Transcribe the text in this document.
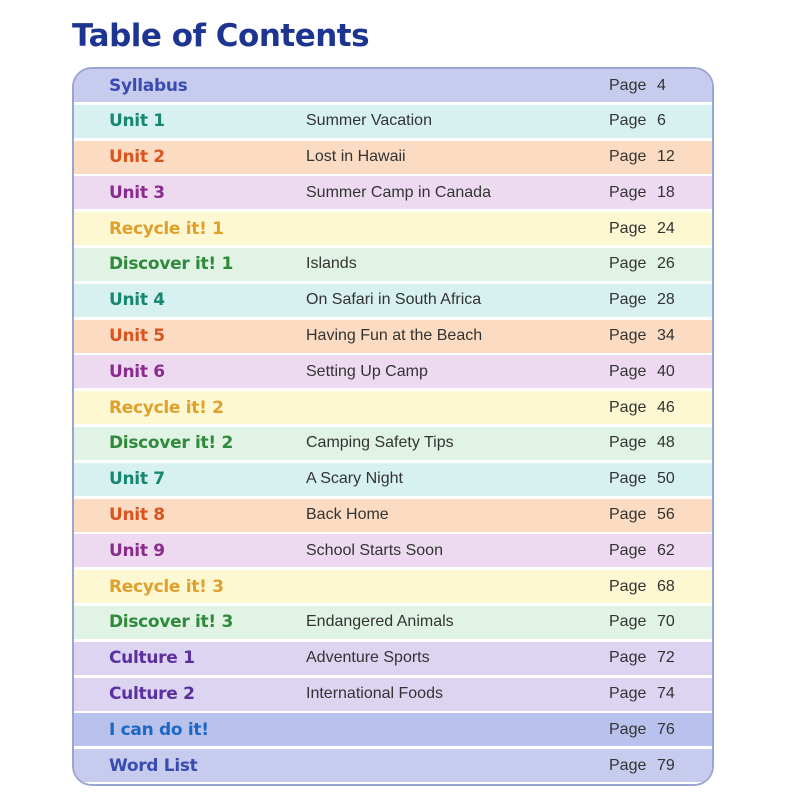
Table of Contents
Syllabus	Page 4
Unit 1	Summer Vacation	Page 6
Unit 2	Lost in Hawaii	Page 12
Unit 3	Summer Camp in Canada	Page 18
Recycle it! 1	Page 24
Discover it! 1	Islands	Page 26
Unit 4	On Safari in South Africa	Page 28
Unit 5	Having Fun at the Beach	Page 34
Unit 6	Setting Up Camp	Page 40
Recycle it! 2	Page 46
Discover it! 2	Camping Safety Tips	Page 48
Unit 7	A Scary Night	Page 50
Unit 8	Back Home	Page 56
Unit 9	School Starts Soon	Page 62
Recycle it! 3	Page 68
Discover it! 3	Endangered Animals	Page 70
Culture 1	Adventure Sports	Page 72
Culture 2	International Foods	Page 74
I can do it!	Page 76
Word List	Page 79
